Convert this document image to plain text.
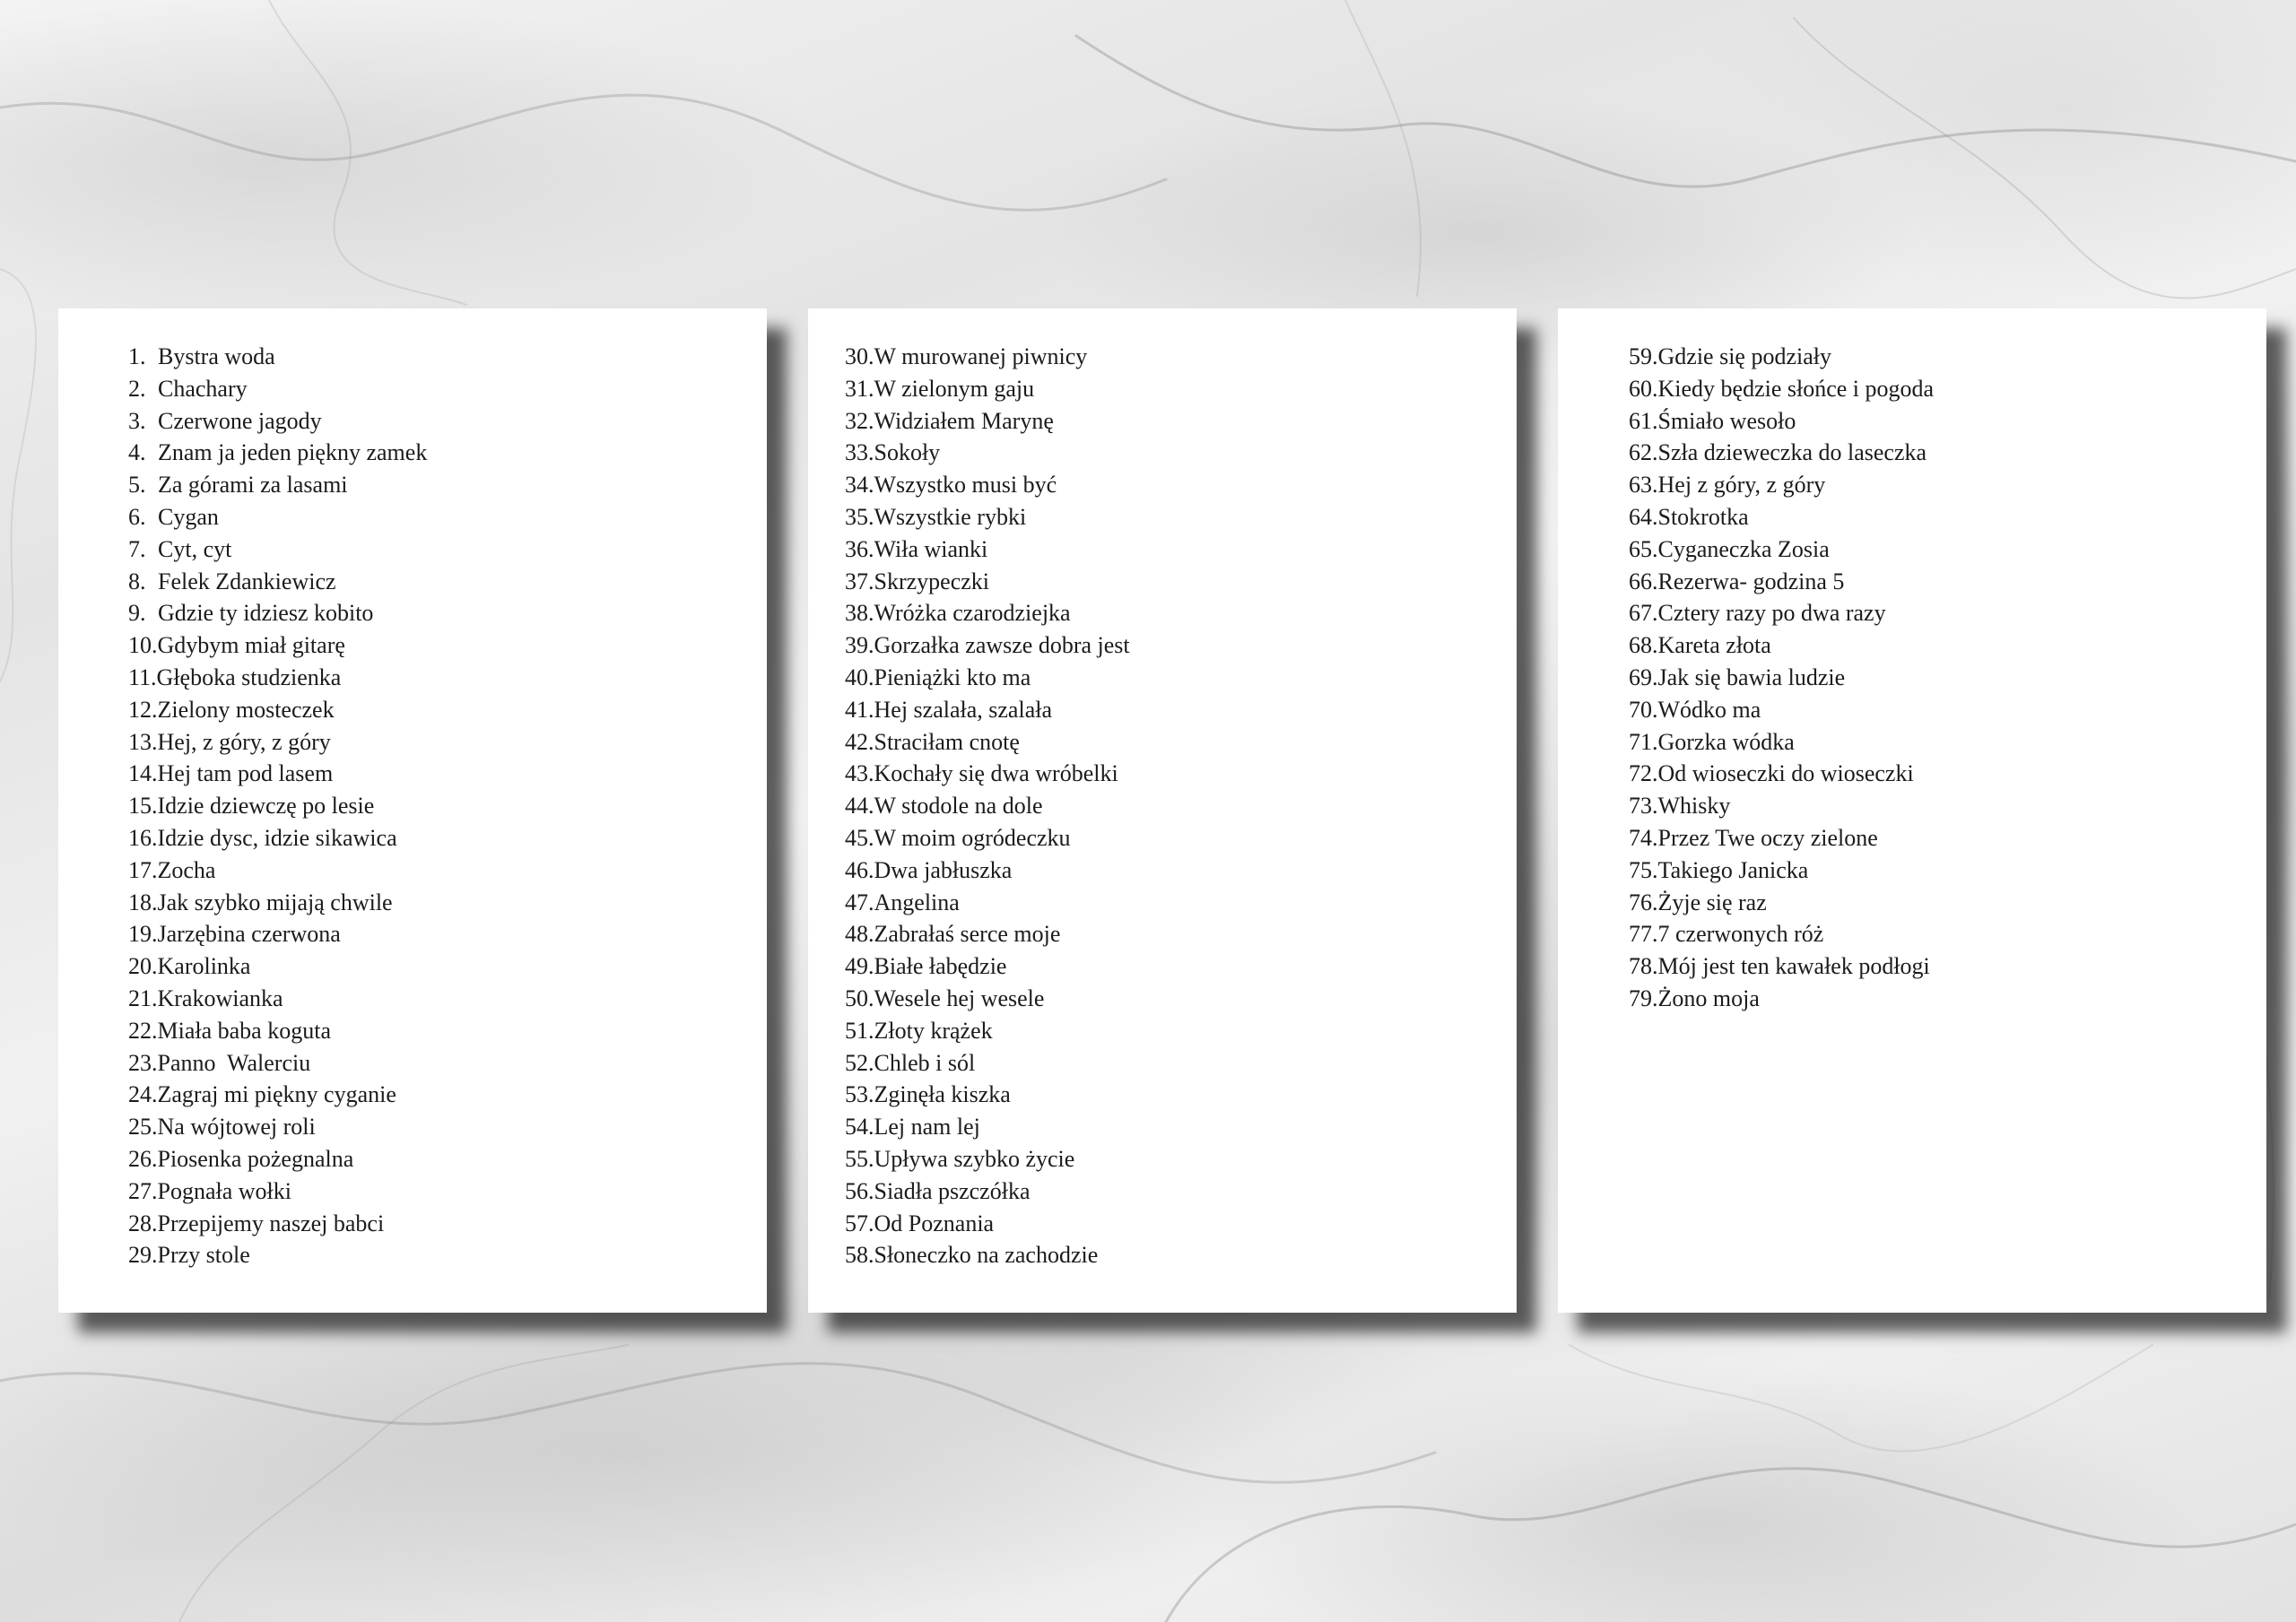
1. Bystra woda
2. Chachary
3. Czerwone jagody
4. Znam ja jeden piękny zamek
5. Za górami za lasami
6. Cygan
7. Cyt, cyt
8. Felek Zdankiewicz
9. Gdzie ty idziesz kobito
10.Gdybym miał gitarę
11.Głęboka studzienka
12.Zielony mosteczek
13.Hej, z góry, z góry
14.Hej tam pod lasem
15.Idzie dziewczę po lesie
16.Idzie dysc, idzie sikawica
17.Zocha
18.Jak szybko mijają chwile
19.Jarzębina czerwona
20.Karolinka
21.Krakowianka
22.Miała baba koguta
23.Panno  Walerciu
24.Zagraj mi piękny cyganie
25.Na wójtowej roli
26.Piosenka pożegnalna
27.Pognała wołki
28.Przepijemy naszej babci
29.Przy stole
30.W murowanej piwnicy
31.W zielonym gaju
32.Widziałem Marynę
33.Sokoły
34.Wszystko musi być
35.Wszystkie rybki
36.Wiła wianki
37.Skrzypeczki
38.Wróżka czarodziejka
39.Gorzałka zawsze dobra jest
40.Pieniążki kto ma
41.Hej szalała, szalała
42.Straciłam cnotę
43.Kochały się dwa wróbelki
44.W stodole na dole
45.W moim ogródeczku
46.Dwa jabłuszka
47.Angelina
48.Zabrałaś serce moje
49.Białe łabędzie
50.Wesele hej wesele
51.Złoty krążek
52.Chleb i sól
53.Zginęła kiszka
54.Lej nam lej
55.Upływa szybko życie
56.Siadła pszczółka
57.Od Poznania
58.Słoneczko na zachodzie
59.Gdzie się podziały
60.Kiedy będzie słońce i pogoda
61.Śmiało wesoło
62.Szła dzieweczka do laseczka
63.Hej z góry, z góry
64.Stokrotka
65.Cyganeczka Zosia
66.Rezerwa- godzina 5
67.Cztery razy po dwa razy
68.Kareta złota
69.Jak się bawia ludzie
70.Wódko ma
71.Gorzka wódka
72.Od wioseczki do wioseczki
73.Whisky
74.Przez Twe oczy zielone
75.Takiego Janicka
76.Żyje się raz
77.7 czerwonych róż
78.Mój jest ten kawałek podłogi
79.Żono moja
